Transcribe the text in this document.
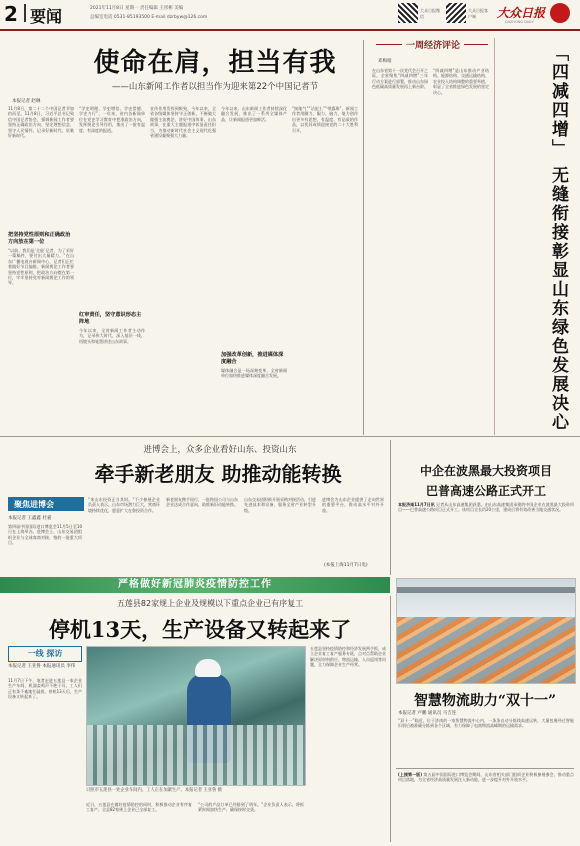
2 要闻	2021年11月8日 星期一 责任编辑 王彤彬 美编
总编室电话 0531-85193500 E-mail dzrbyw@126.com
大众日报微信
大众日报客户端	大众日报
DAZHONG DAILY
使命在肩，担当有我
——山东新闻工作者以担当作为迎来第22个中国记者节
本报记者 赵琳
11月8日，第二十二个中国记者节如约而至。11月8日，习近平总书记致信中国记者协会，强调新闻工作者要坚持正确政治方向、坚定理想信念、坚守人民情怀，记录好新时代，讴歌好新时代。
把坚持党性原则和正确政治方向放在第一位
“以前，我们是‘全能’记者，为了采好一篇稿件，要付出大量精力。”在山东广播电视台新闻中心，记者们正忙着做好节目编排。新闻舆论工作者要坚持党性原则，把政治方向摆在第一位，牢牢坚持党对新闻舆论工作的领导。
“学史明理、学史增信、学史崇德、学史力行”，一年来，省内各新闻单位在党史学习教育中把准政治方向，发挥舆论引导作用，推出了一批有温度、有深度的报道。
红审责任，坚守意识形态主阵地
今年以来，全省新闻工作者主动作为，记录伟大时代，深入基层一线，用镜头和笔墨讲述山东故事。
宣传作用发挥到极致，今年以来，全省各级媒体坚持守正创新，不断做大做强主流舆论，讲好中国故事、山东故事，在重大主题报道中彰显责任担当，为推动新时代社会主义现代化强省建设凝聚强大力量。
今年以来，山东新闻工作者持续深化融合发展，推出了一系列全媒体产品，让新闻报道更加鲜活。
加强改革创新，推进媒体深度融合
媒体融合是一场深刻变革，全省新闻单位加快推进媒体深度融合发展。
“接地气”“沾泥土”“带露珠”，新闻工作者用脚力、眼力、脑力、笔力创作出更多有思想、有温度、有品质的作品，以优异成绩迎接党的二十大胜利召开。
一周经济评论
邓梅娟
在山东省第十一次党代会召开之际，全省聚焦“四减四增”三年行动方案进行部署，推动山东绿色低碳高质量发展再上新台阶。
“四减四增”是山东推动产业结构、能源结构、交通运输结构、农业投入结构调整的重要举措，彰显了全省推进绿色发展的坚定决心。	「四减四增」 无缝衔接彰显山东绿色发展决心
进博会上，众多企业看好山东、投资山东
牵手新老朋友 助推动能转换
聚焦进博会
本报记者 王鑫鑫 杜嘉
第四届中国国际进口博览会11月5日至10日在上海举办。进博会上，山东交易团组织企业与全球客商对接，签约一批重大项目。
“来山东投资正当其时。”不少参展企业负责人表示，山东市场潜力巨大，营商环境持续优化，愿意扩大在鲁投资合作。
新老朋友携手同行，一批跨国公司与山东企业达成合作意向，助推新旧动能转换。
山东交易团积极开展采购对接活动，引进先进技术和设备，服务全省产业转型升级。
进博会为山东企业提供了走向世界的重要平台，推动高水平对外开放。
(本报上海11月7日电)
中企在波黑最大投资项目
巴普高速公路正式开工
本报济南11月7日讯 记者从山东高速集团获悉，由山东高速集团承建的中国企业在波黑最大投资项目——巴普高速公路项目正式开工。该项目全长约20公里，建成后将有效改善当地交通状况。
严格做好新冠肺炎疫情防控工作
五莲县82家规上企业及规模以下重点企业已有序复工
停机13天，生产设备又转起来了
一线 探访
本报记者 王亚鲁 本报通讯员 李伟
11月7日下午，笔者走进五莲县一家企业生产车间，机器轰鸣声不绝于耳，工人们正有条不紊地忙碌着。停机13天后，生产设备又转起来了。
日照市五莲县一处企业车间内，工人正在加紧生产。本报记者 王亚鲁 摄
近日，五莲县在做好疫情防控的同时，积极推动企业有序复工复产，全县82家规上企业已全部复工。
“公司的产品订单已经排到了明年。”企业负责人表示，将抓紧时间加快生产，确保按时交货。
五莲县坚持疫情防控和经济发展两手抓，成立企业复工复产服务专班，点对点帮助企业解决原材料供应、物流运输、人员返岗等问题，全力保障企业生产经营。
智慧物流助力“双十一”
本报记者 卢鹏 通讯员 马吉连
“双十一”临近，位于济南的一家智慧物流中心内，一条条自动分拣线高速运转，大量包裹经过智能识别后被准确分拣到各个区域，有力保障了电商物流高峰期的运输需求。
(上接第一版) 第五届中国国际进口博览会期间，山东省相关部门组织企业积极参展参会，推动重点项目落地，为全省经济高质量发展注入新动能，进一步提升对外开放水平。
